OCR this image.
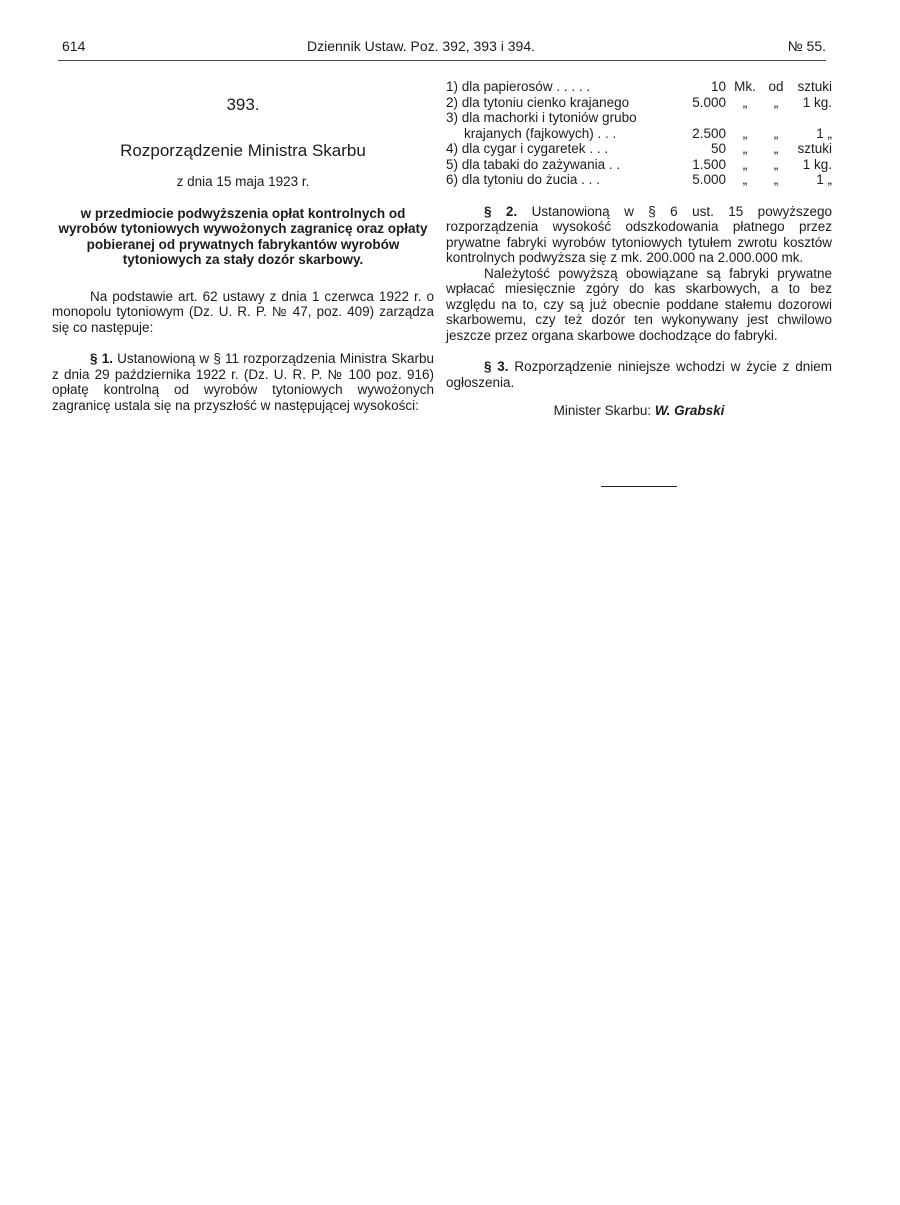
614	Dziennik Ustaw. Poz. 392, 393 i 394.	№ 55.
393.
Rozporządzenie Ministra Skarbu
z dnia 15 maja 1923 r.
w przedmiocie podwyższenia opłat kontrolnych od wyrobów tytoniowych wywożonych zagranicę oraz opłaty pobieranej od prywatnych fabrykantów wyrobów tytoniowych za stały dozór skarbowy.

Na podstawie art. 62 ustawy z dnia 1 czerwca 1922 r. o monopolu tytoniowym (Dz. U. R. P. № 47, poz. 409) zarządza się co następuje:

§ 1. Ustanowioną w § 11 rozporządzenia Ministra Skarbu z dnia 29 października 1922 r. (Dz. U. R. P. № 100 poz. 916) opłatę kontrolną od wyrobów tytoniowych wywożonych zagranicę ustala się na przyszłość w następującej wysokości:

1) dla papierosów . . . . .	10	Mk.	od	sztuki
2) dla tytoniu cienko krajanego	5.000	„	„	1 kg.
3) dla machorki i tytoniów grubo				
krajanych (fajkowych) . . .	2.500	„	„	1 „
4) dla cygar i cygaretek . . .	50	„	„	sztuki
5) dla tabaki do zażywania . .	1.500	„	„	1 kg.
6) dla tytoniu do żucia . . .	5.000	„	„	1 „

§ 2. Ustanowioną w § 6 ust. 15 powyższego rozporządzenia wysokość odszkodowania płatnego przez prywatne fabryki wyrobów tytoniowych tytułem zwrotu kosztów kontrolnych podwyższa się z mk. 200.000 na 2.000.000 mk.

Należytość powyższą obowiązane są fabryki prywatne wpłacać miesięcznie zgóry do kas skarbowych, a to bez względu na to, czy są już obecnie poddane stałemu dozorowi skarbowemu, czy też dozór ten wykonywany jest chwilowo jeszcze przez organa skarbowe dochodzące do fabryki.

§ 3. Rozporządzenie niniejsze wchodzi w życie z dniem ogłoszenia.

Minister Skarbu: W. Grabski
